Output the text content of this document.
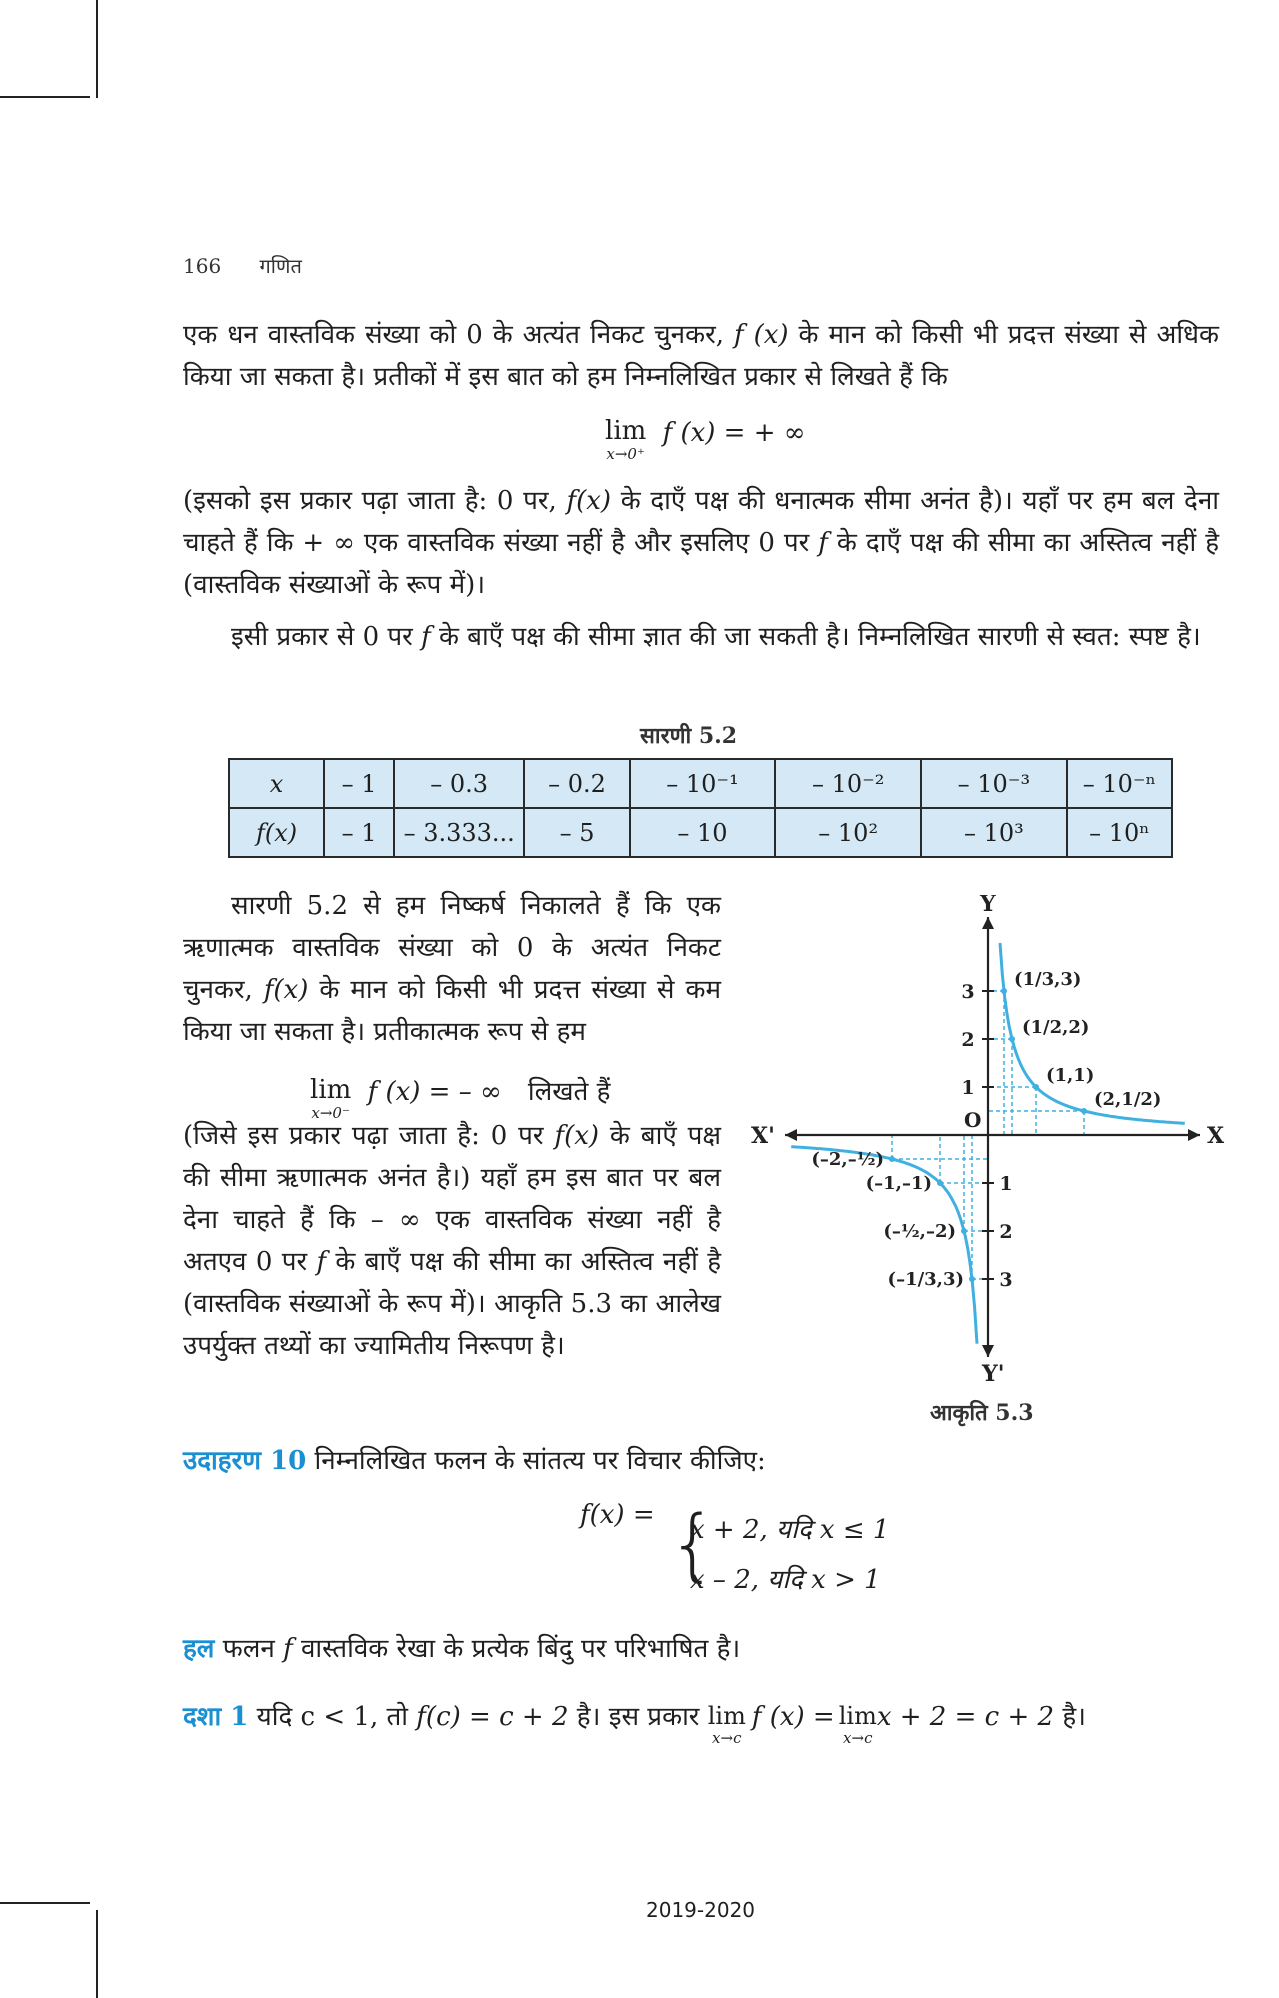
166 गणित
एक धन वास्तविक संख्या को 0 के अत्यंत निकट चुनकर, f (x) के मान को किसी भी प्रदत्त संख्या से अधिक किया जा सकता है। प्रतीकों में इस बात को हम निम्नलिखित प्रकार से लिखते हैं कि
lim
x→0⁺
f (x) = + ∞
(इसको इस प्रकार पढ़ा जाता है: 0 पर, f(x) के दाएँ पक्ष की धनात्मक सीमा अनंत है)। यहाँ पर हम बल देना चाहते हैं कि + ∞ एक वास्तविक संख्या नहीं है और इसलिए 0 पर f के दाएँ पक्ष की सीमा का अस्तित्व नहीं है (वास्तविक संख्याओं के रूप में)।
इसी प्रकार से 0 पर f के बाएँ पक्ष की सीमा ज्ञात की जा सकती है। निम्नलिखित सारणी से स्वत: स्पष्ट है।
सारणी 5.2
x	– 1	– 0.3	– 0.2	– 10⁻¹	– 10⁻²	– 10⁻³	– 10⁻ⁿ
f(x)	– 1	– 3.333...	– 5	– 10	– 10²	– 10³	– 10ⁿ
सारणी 5.2 से हम निष्कर्ष निकालते हैं कि एक ऋणात्मक वास्तविक संख्या को 0 के अत्यंत निकट चुनकर, f(x) के मान को किसी भी प्रदत्त संख्या से कम किया जा सकता है। प्रतीकात्मक रूप से हम
lim
x→0⁻
f (x) = – ∞ लिखते हैं
(जिसे इस प्रकार पढ़ा जाता है: 0 पर f(x) के बाएँ पक्ष की सीमा ऋणात्मक अनंत है।) यहाँ हम इस बात पर बल देना चाहते हैं कि – ∞ एक वास्तविक संख्या नहीं है अतएव 0 पर f के बाएँ पक्ष की सीमा का अस्तित्व नहीं है (वास्तविक संख्याओं के रूप में)। आकृति 5.3 का आलेख उपर्युक्त तथ्यों का ज्यामितीय निरूपण है।
1
1
2
2
3
3
X
X'
Y
Y'
O
(1/3,3)
(1/2,2)
(1,1)
(2,1/2)
(–2,–½)
(–1,–1)
(–½,–2)
(–1/3,3)
आकृति 5.3
उदाहरण 10 निम्नलिखित फलन के सांतत्य पर विचार कीजिए:
f(x) = {
x + 2, यदि x ≤ 1
x – 2, यदि x > 1
हल फलन f वास्तविक रेखा के प्रत्येक बिंदु पर परिभाषित है।
दशा 1 यदि c < 1, तो f(c) = c + 2 है। इस प्रकार lim
x→c
f (x) = lim
x→c
x + 2 = c + 2 है।
2019-2020
